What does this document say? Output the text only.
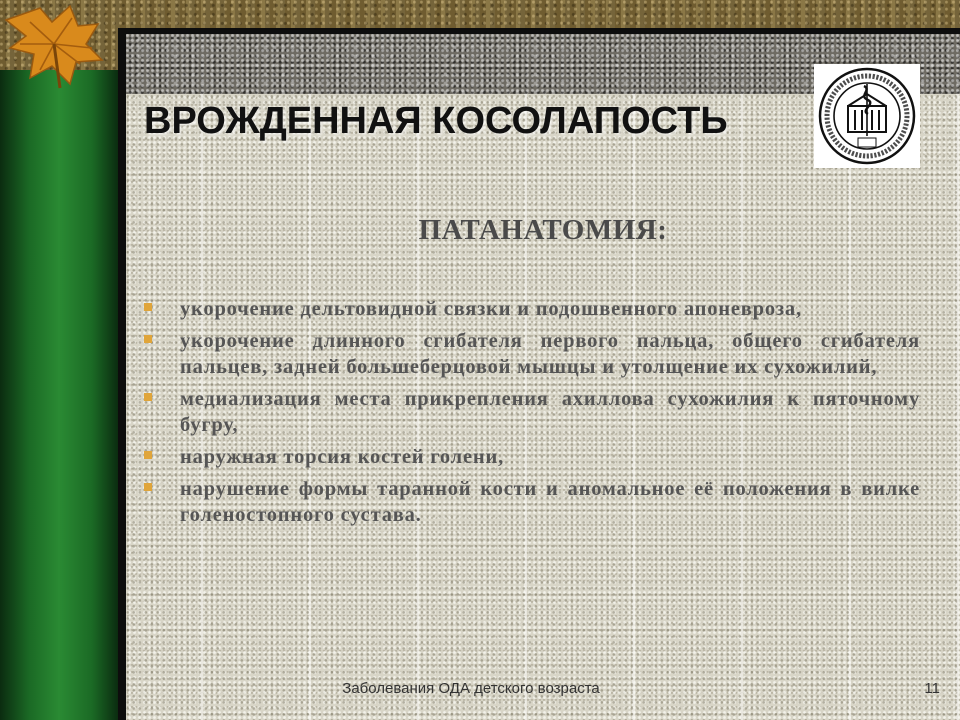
ВРОЖДЕННАЯ КОСОЛАПОСТЬ
ПАТАНАТОМИЯ:
укорочение дельтовидной связки и подошвенного апоневроза,
укорочение длинного сгибателя первого пальца, общего сгибателя пальцев, задней большеберцовой мышцы и утолщение их сухожилий,
медиализация места прикрепления ахиллова сухожилия к пяточному бугру,
наружная торсия костей голени,
нарушение формы таранной кости и аномальное её положения в вилке голеностопного сустава.
Заболевания ОДА детского возраста	11
